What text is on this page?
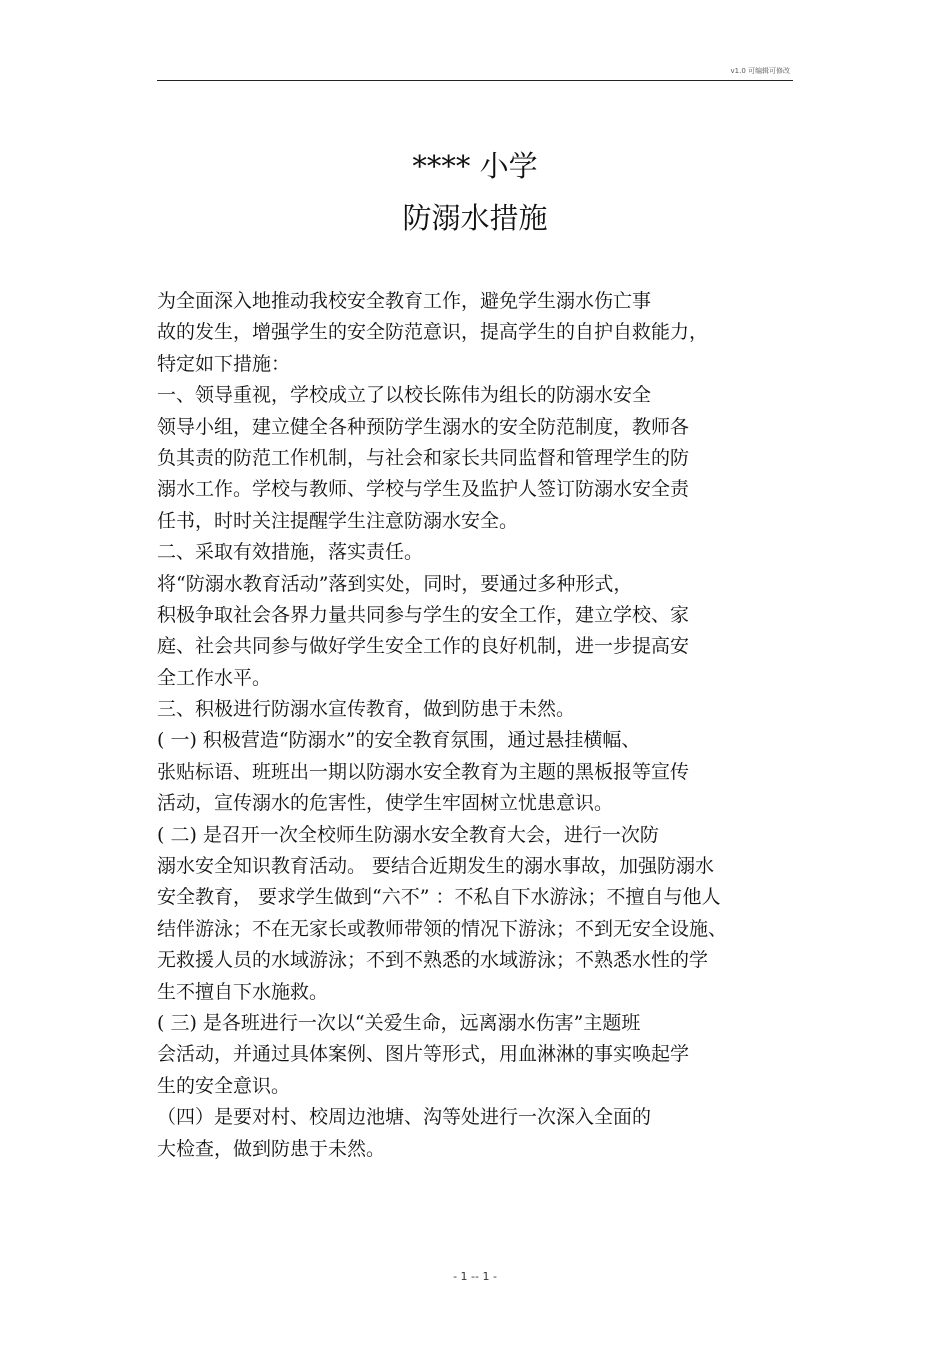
v1.0 可编辑可修改
**** 小学
防溺水措施
为全面深入地推动我校安全教育工作，避免学生溺水伤亡事
故的发生，增强学生的安全防范意识，提高学生的自护自救能力，
特定如下措施：
一、领导重视，学校成立了以校长陈伟为组长的防溺水安全
领导小组，建立健全各种预防学生溺水的安全防范制度，教师各
负其责的防范工作机制，与社会和家长共同监督和管理学生的防
溺水工作。学校与教师、学校与学生及监护人签订防溺水安全责
任书，时时关注提醒学生注意防溺水安全。
二、采取有效措施，落实责任。
将“防溺水教育活动”落到实处，同时，要通过多种形式，
积极争取社会各界力量共同参与学生的安全工作，建立学校、家
庭、社会共同参与做好学生安全工作的良好机制，进一步提高安
全工作水平。
三、积极进行防溺水宣传教育，做到防患于未然。
( 一) 积极营造“防溺水”的安全教育氛围，通过悬挂横幅、
张贴标语、班班出一期以防溺水安全教育为主题的黑板报等宣传
活动，宣传溺水的危害性，使学生牢固树立忧患意识。
( 二) 是召开一次全校师生防溺水安全教育大会，进行一次防
溺水安全知识教育活动。 要结合近期发生的溺水事故，加强防溺水
安全教育， 要求学生做到“六不” ：不私自下水游泳；不擅自与他人
结伴游泳；不在无家长或教师带领的情况下游泳；不到无安全设施、
无救援人员的水域游泳；不到不熟悉的水域游泳；不熟悉水性的学
生不擅自下水施救。
( 三) 是各班进行一次以“关爱生命，远离溺水伤害”主题班
会活动，并通过具体案例、图片等形式，用血淋淋的事实唤起学
生的安全意识。
（四）是要对村、校周边池塘、沟等处进行一次深入全面的
大检查，做到防患于未然。
- 1 -- 1 -
